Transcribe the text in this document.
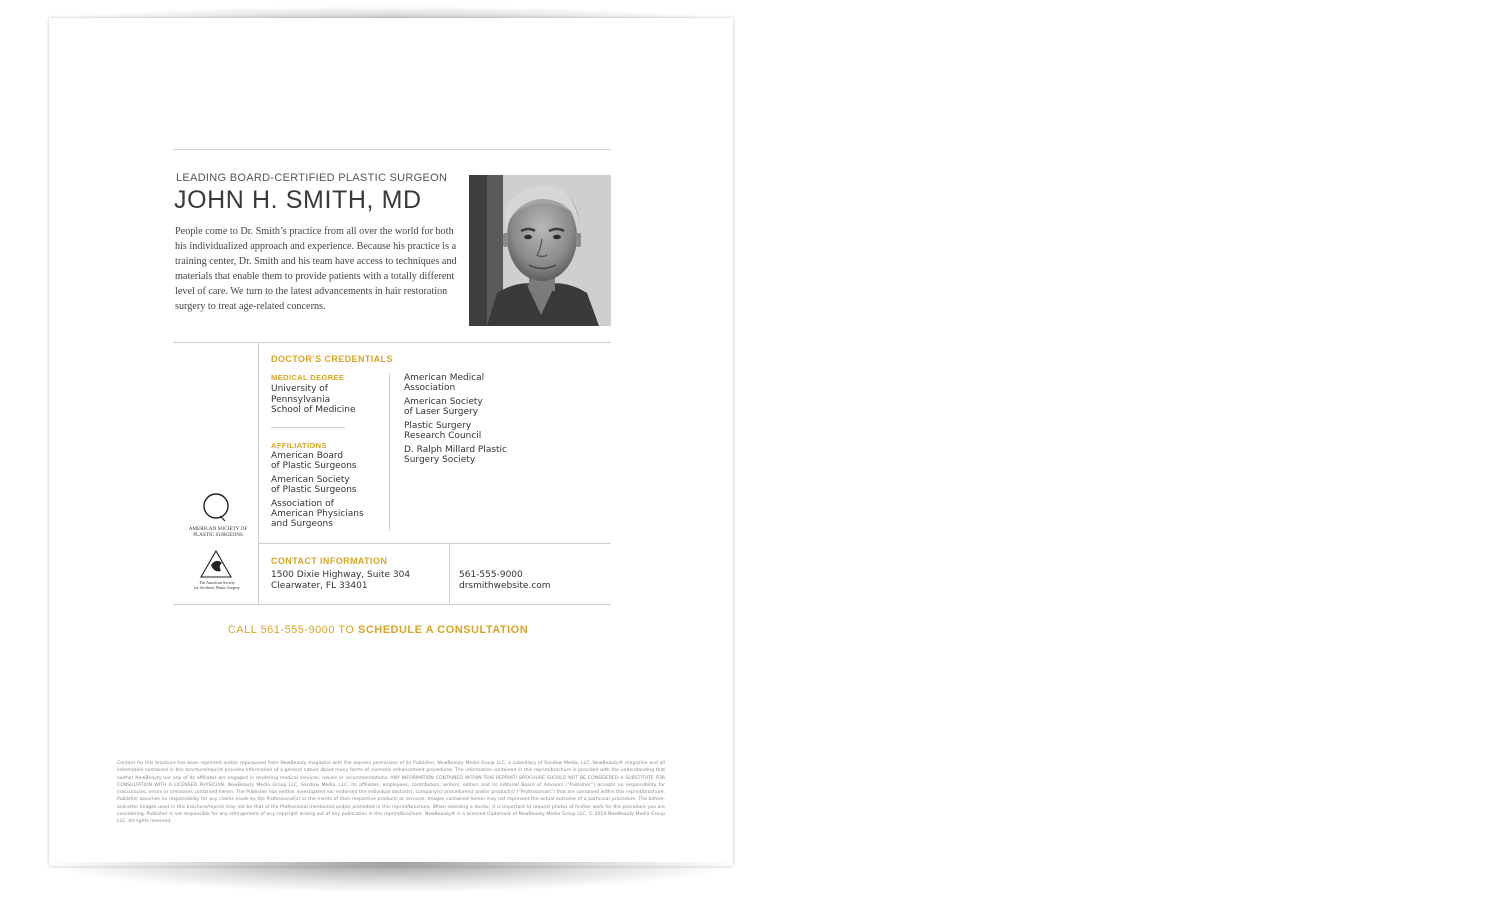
LEADING BOARD-CERTIFIED PLASTIC SURGEON
JOHN H. SMITH, MD

People come to Dr. Smith’s practice from all over the world for both his individualized approach and experience. Because his practice is a training center, Dr. Smith and his team have access to techniques and materials that enable them to provide patients with a totally different level of care. We turn to the latest advancements in hair restoration surgery to treat age-related concerns.

DOCTOR’S CREDENTIALS
MEDICAL DEGREE
University of
Pennsylvania
School of Medicine
AFFILIATIONS
American Board
of Plastic Surgeons
American Society
of Plastic Surgeons
Association of
American Physicians
and Surgeons
American Medical
Association
American Society
of Laser Surgery
Plastic Surgery
Research Council
D. Ralph Millard Plastic
Surgery Society
AMERICAN SOCIETY OF
PLASTIC SURGEONS
The American Society
for Aesthetic Plastic Surgery
CONTACT INFORMATION
1500 Dixie Highway, Suite 304
Clearwater, FL 33401
561-555-9000
drsmithwebsite.com
CALL 561-555-9000 TO SCHEDULE A CONSULTATION

Content for this brochure has been reprinted and/or repurposed from NewBeauty magazine with the express permission of its Publisher, NewBeauty Media Group LLC, a subsidiary of Sandow Media, LLC. NewBeauty® magazine and all information contained in this brochure/reprint provides information of a general nature about many forms of cosmetic enhancement procedures. The information contained in this reprint/brochure is provided with the understanding that neither NewBeauty nor any of its affiliates are engaged in rendering medical services, advice or recommendations. ANY INFORMATION CONTAINED WITHIN THIS REPRINT/ BROCHURE SHOULD NOT BE CONSIDERED A SUBSTITUTE FOR CONSULTATION WITH A LICENSED PHYSICIAN. NewBeauty Media Group LLC, Sandow Media, LLC, its affiliates, employees, contributors, writers, editors and its Editorial Board of Advisors (“Publisher”) accepts no responsibility for inaccuracies, errors or omissions contained herein. The Publisher has neither investigated nor endorsed the individual doctor(s), company(s) procedure(s) and/or product(s) (“Professionals”) that are contained within this reprint/brochure. Publisher assumes no responsibility for any claims made by the Professional(s) or the merits of their respective products or services. Images contained herein may not represent the actual outcome of a particular procedure. The before-and-after images used in this brochure/reprint may not be that of the Professional mentioned and/or promoted in this reprint/brochure. When selecting a doctor, it is important to request photos of his/her work for the procedure you are considering. Publisher is not responsible for any infringement of any copyright arising out of any publication in this reprint/brochure. NewBeauty® is a licensed trademark of NewBeauty Media Group LLC. © 2014 NewBeauty Media Group LLC. All rights reserved.
